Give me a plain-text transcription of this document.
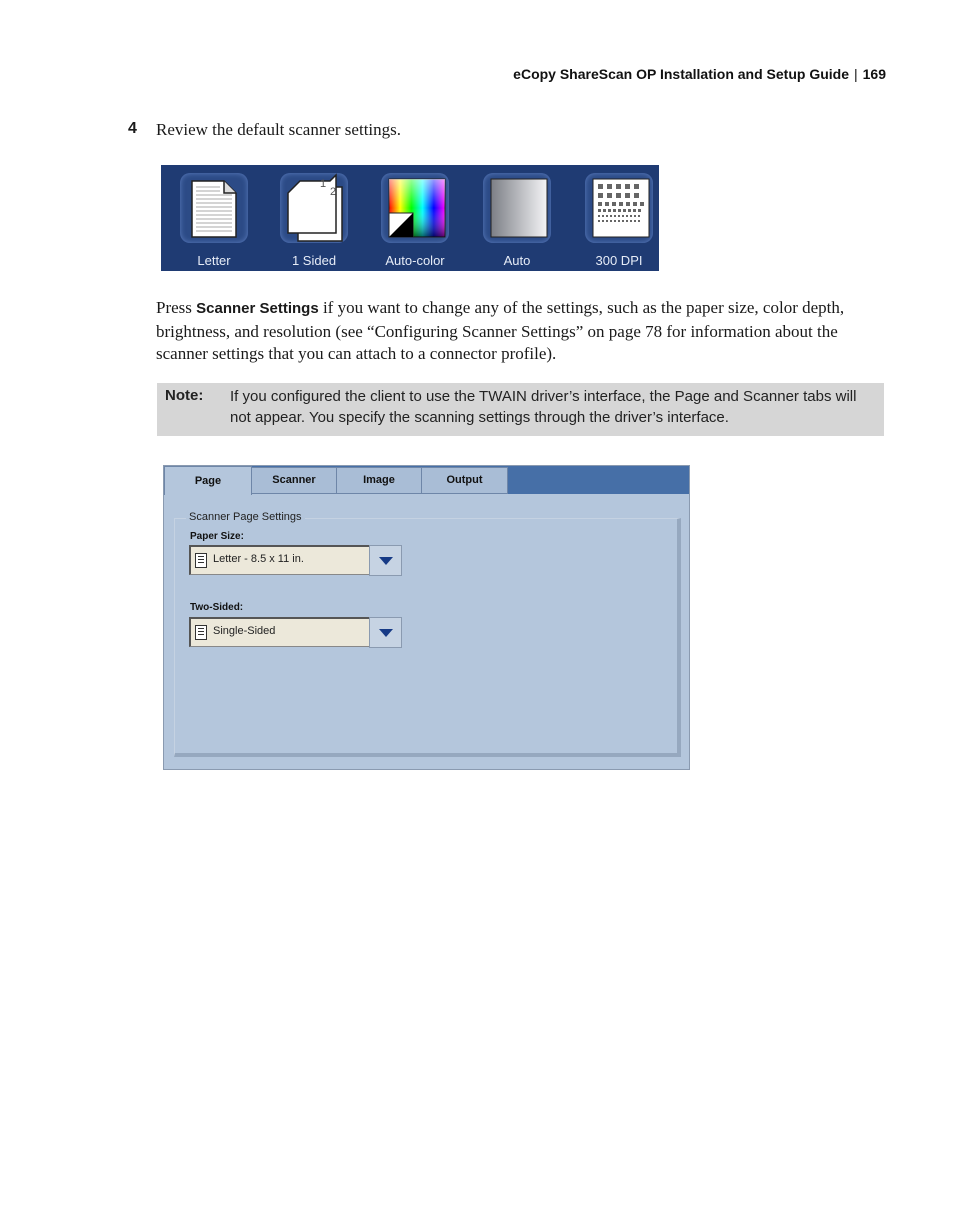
eCopy ShareScan OP Installation and Setup Guide | 169
4 Review the default scanner settings.
Letter
1
2
1 Sided	Auto-color	Auto	300 DPI
Press Scanner Settings if you want to change any of the settings, such as the paper size, color depth, brightness, and resolution (see “Configuring Scanner Settings” on page 78 for information about the scanner settings that you can attach to a connector profile).
Note: If you configured the client to use the TWAIN driver’s interface, the Page and Scanner tabs will not appear. You specify the scanning settings through the driver’s interface.
Page	Scanner	Image	Output
Scanner Page Settings
Paper Size:
Letter - 8.5 x 11 in.
Two-Sided:
Single-Sided
